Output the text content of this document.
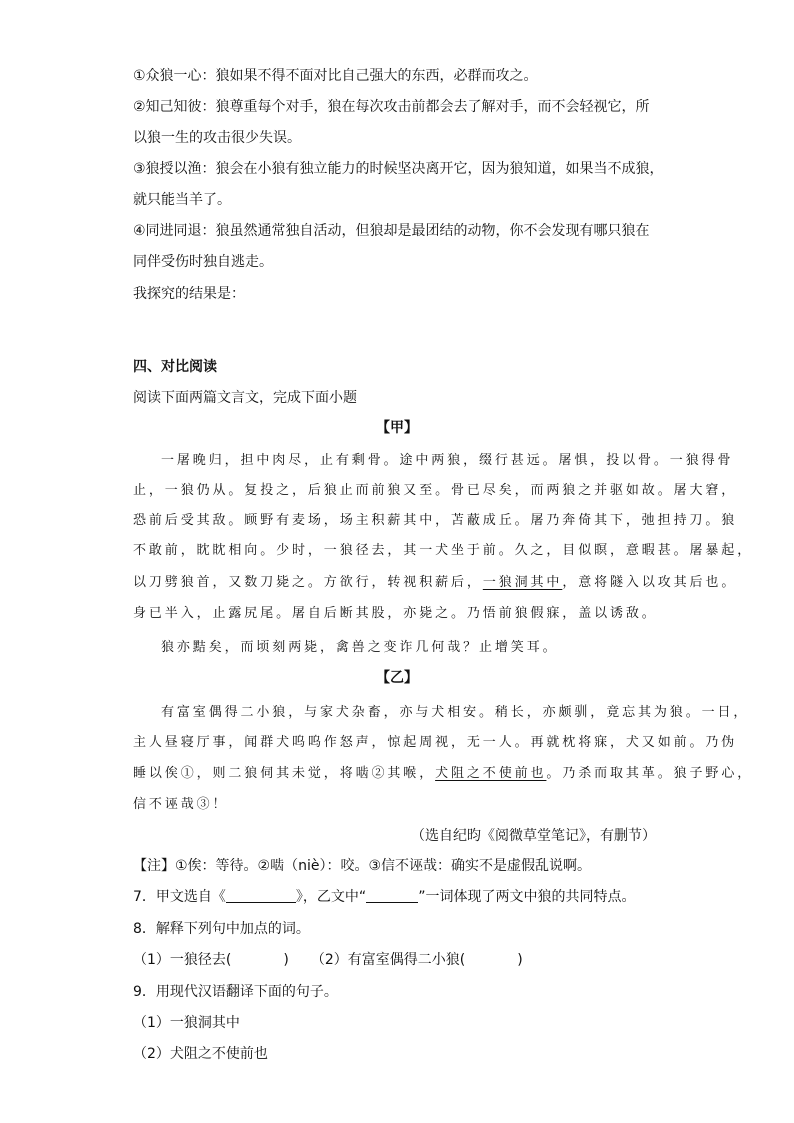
①众狼一心：狼如果不得不面对比自己强大的东西，必群而攻之。
②知己知彼：狼尊重每个对手，狼在每次攻击前都会去了解对手，而不会轻视它，所
以狼一生的攻击很少失误。
③狼授以渔：狼会在小狼有独立能力的时候坚决离开它，因为狼知道，如果当不成狼，
就只能当羊了。
④同进同退：狼虽然通常独自活动，但狼却是最团结的动物，你不会发现有哪只狼在
同伴受伤时独自逃走。
我探究的结果是：
四、对比阅读
阅读下面两篇文言文，完成下面小题
【甲】
一屠晚归，担中肉尽，止有剩骨。途中两狼，缀行甚远。屠惧，投以骨。一狼得骨
止，一狼仍从。复投之，后狼止而前狼又至。骨已尽矣，而两狼之并驱如故。屠大窘，
恐前后受其敌。顾野有麦场，场主积薪其中，苫蔽成丘。屠乃奔倚其下，弛担持刀。狼
不敢前，眈眈相向。少时，一狼径去，其一犬坐于前。久之，目似瞑，意暇甚。屠暴起，
以刀劈狼首，又数刀毙之。方欲行，转视积薪后，一狼洞其中，意将隧入以攻其后也。
身已半入，止露尻尾。屠自后断其股，亦毙之。乃悟前狼假寐，盖以诱敌。
狼亦黠矣，而顷刻两毙，禽兽之变诈几何哉？止增笑耳。
【乙】
有富室偶得二小狼，与家犬杂畜，亦与犬相安。稍长，亦颇驯，竟忘其为狼。一日，
主人昼寝厅事，闻群犬呜呜作怒声，惊起周视，无一人。再就枕将寐，犬又如前。乃伪
睡以俟①，则二狼伺其未觉，将啮②其喉，犬阻之不使前也。乃杀而取其革。狼子野心，
信不诬哉③！
（选自纪昀《阅微草堂笔记》，有删节）
【注】①俟：等待。②啮（niè）：咬。③信不诬哉：确实不是虚假乱说啊。
7．甲文选自《	》，乙文中“	”一词体现了两文中狼的共同特点。
8．解释下列句中加点的词。
（1）一狼径去(	) （2）有富室偶得二小狼(	)
9．用现代汉语翻译下面的句子。
（1）一狼洞其中
（2）犬阻之不使前也
